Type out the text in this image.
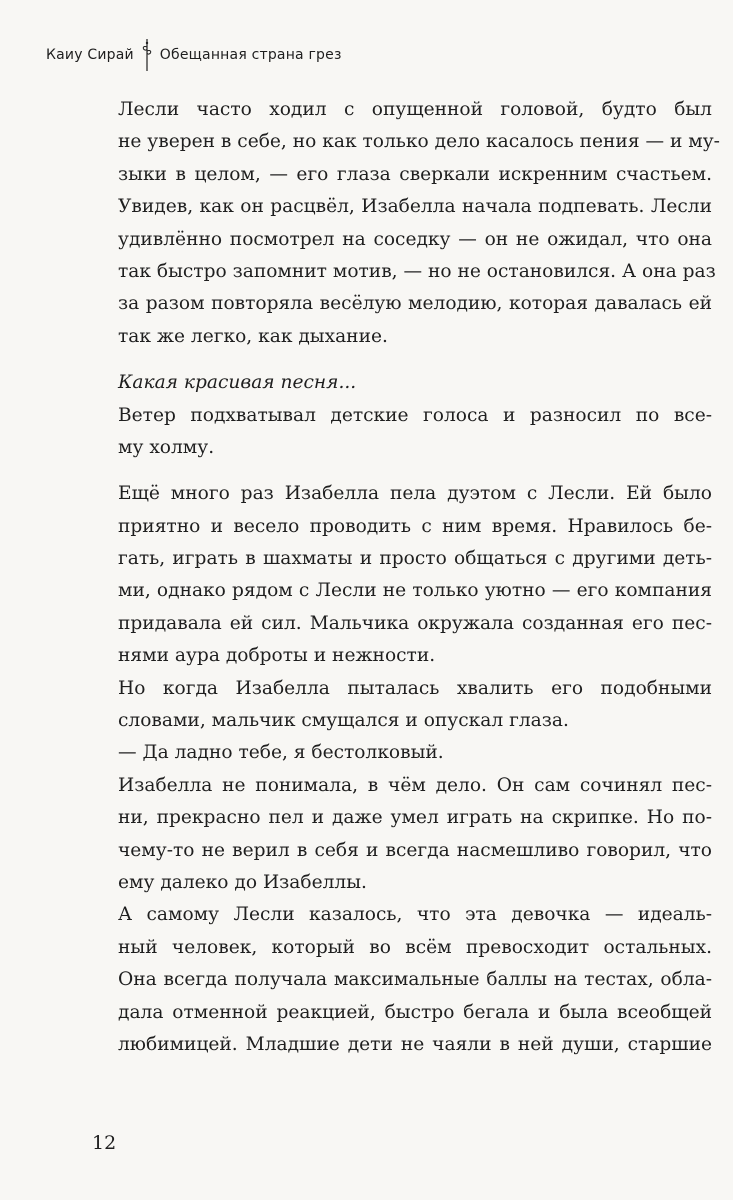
Каиу Сирай Обещанная страна грез
Лесли часто ходил с опущенной головой, будто был
не уверен в себе, но как только дело касалось пения — и му-
зыки в целом, — его глаза сверкали искренним счастьем.
Увидев, как он расцвёл, Изабелла начала подпевать. Лесли
удивлённо посмотрел на соседку — он не ожидал, что она
так быстро запомнит мотив, — но не остановился. А она раз
за разом повторяла весёлую мелодию, которая давалась ей
так же легко, как дыхание.
Какая красивая песня...
Ветер подхватывал детские голоса и разносил по все-
му холму.
Ещё много раз Изабелла пела дуэтом с Лесли. Ей было
приятно и весело проводить с ним время. Нравилось бе-
гать, играть в шахматы и просто общаться с другими деть-
ми, однако рядом с Лесли не только уютно — его компания
придавала ей сил. Мальчика окружала созданная его пес-
нями аура доброты и нежности.
Но когда Изабелла пыталась хвалить его подобными
словами, мальчик смущался и опускал глаза.
— Да ладно тебе, я бестолковый.
Изабелла не понимала, в чём дело. Он сам сочинял пес-
ни, прекрасно пел и даже умел играть на скрипке. Но по-
чему-то не верил в себя и всегда насмешливо говорил, что
ему далеко до Изабеллы.
А самому Лесли казалось, что эта девочка — идеаль-
ный человек, который во всём превосходит остальных.
Она всегда получала максимальные баллы на тестах, обла-
дала отменной реакцией, быстро бегала и была всеобщей
любимицей. Младшие дети не чаяли в ней души, старшие
12
